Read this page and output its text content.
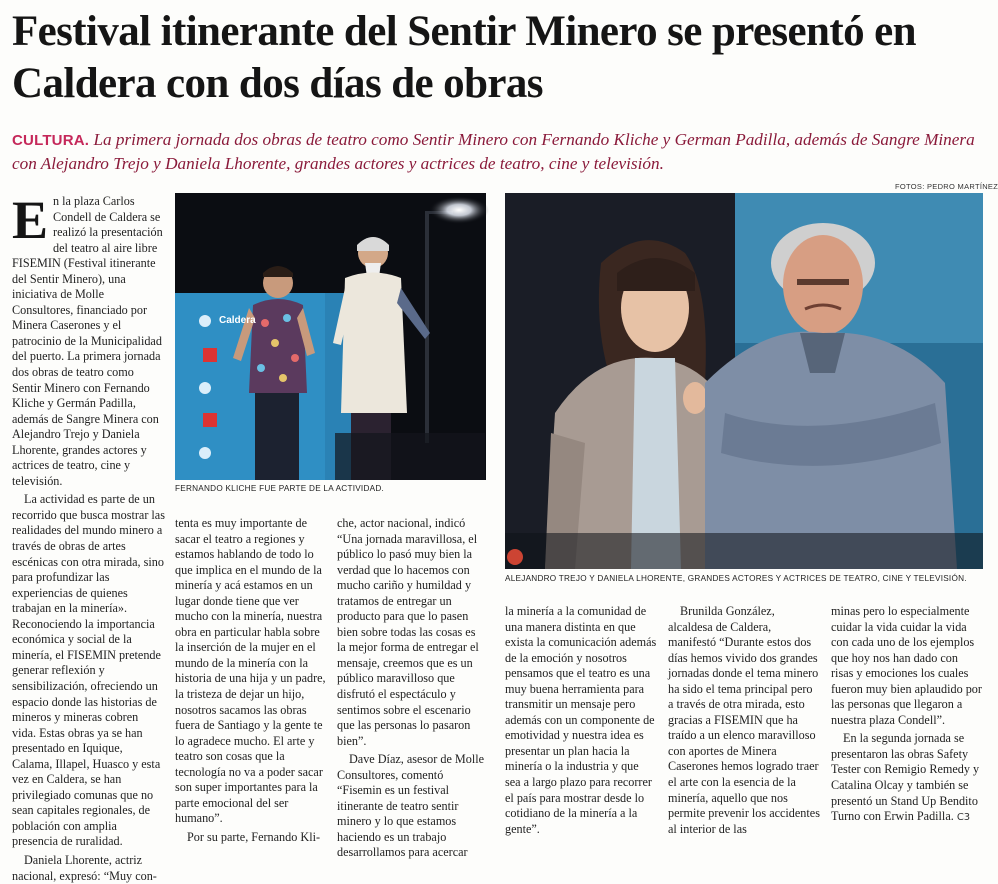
Festival itinerante del Sentir Minero se presentó en Caldera con dos días de obras
CULTURA. La primera jornada dos obras de teatro como Sentir Minero con Fernando Kliche y German Padilla, además de Sangre Minera con Alejandro Trejo y Daniela Lhorente, grandes actores y actrices de teatro, cine y televisión.
FOTOS: PEDRO MARTÍNEZ

En la plaza Carlos Condell de Caldera se realizó la presentación del teatro al aire libre FISEMIN (Festival itinerante del Sentir Minero), una iniciativa de Molle Consultores, financiado por Minera Caserones y el patrocinio de la Municipalidad del puerto. La primera jornada dos obras de teatro como Sentir Minero con Fernando Kliche y Germán Padilla, además de Sangre Minera con Alejandro Trejo y Daniela Lhorente, grandes actores y actrices de teatro, cine y televisión.

La actividad es parte de un recorrido que busca mostrar las realidades del mundo minero a través de obras de artes escénicas con otra mirada, sino para profundizar las experiencias de quienes trabajan en la minería». Reconociendo la importancia económica y social de la minería, el FISEMIN pretende generar reflexión y sensibilización, ofreciendo un espacio donde las historias de mineros y mineras cobren vida. Estas obras ya se han presentado en Iquique, Calama, Illapel, Huasco y esta vez en Caldera, se han privilegiado comunas que no sean capitales regionales, de población con amplia presencia de ruralidad.

Daniela Lhorente, actriz nacional, expresó: “Muy con-

Caldera
FERNANDO KLICHE FUE PARTE DE LA ACTIVIDAD.
ALEJANDRO TREJO Y DANIELA LHORENTE, GRANDES ACTORES Y ACTRICES DE TEATRO, CINE Y TELEVISIÓN.

tenta es muy importante de sacar el teatro a regiones y estamos hablando de todo lo que implica en el mundo de la minería y acá estamos en un lugar donde tiene que ver mucho con la minería, nuestra obra en particular habla sobre la inserción de la mujer en el mundo de la minería con la historia de una hija y un padre, la tristeza de dejar un hijo, nosotros sacamos las obras fuera de Santiago y la gente te lo agradece mucho. El arte y teatro son cosas que la tecnología no va a poder sacar son super importantes para la parte emocional del ser humano”.

Por su parte, Fernando Kli-

che, actor nacional, indicó “Una jornada maravillosa, el público lo pasó muy bien la verdad que lo hacemos con mucho cariño y humildad y tratamos de entregar un producto para que lo pasen bien sobre todas las cosas es la mejor forma de entregar el mensaje, creemos que es un público maravilloso que disfrutó el espectáculo y sentimos sobre el escenario que las personas lo pasaron bien”.

Dave Díaz, asesor de Molle Consultores, comentó “Fisemin es un festival itinerante de teatro sentir minero y lo que estamos haciendo es un trabajo desarrollamos para acercar

la minería a la comunidad de una manera distinta en que exista la comunicación además de la emoción y nosotros pensamos que el teatro es una muy buena herramienta para transmitir un mensaje pero además con un componente de emotividad y nuestra idea es presentar un plan hacia la minería o la industria y que sea a largo plazo para recorrer el país para mostrar desde lo cotidiano de la minería a la gente”.

Brunilda González, alcaldesa de Caldera, manifestó “Durante estos dos días hemos vivido dos grandes jornadas donde el tema minero ha sido el tema principal pero a través de otra mirada, esto gracias a FISEMIN que ha traído a un elenco maravilloso con aportes de Minera Caserones hemos logrado traer el arte con la esencia de la minería, aquello que nos permite prevenir los accidentes al interior de las

minas pero lo especialmente cuidar la vida cuidar la vida con cada uno de los ejemplos que hoy nos han dado con risas y emociones los cuales fueron muy bien aplaudido por las personas que llegaron a nuestra plaza Condell”.

En la segunda jornada se presentaron las obras Safety Tester con Remigio Remedy y Catalina Olcay y también se presentó un Stand Up Bendito Turno con Erwin Padilla. C3
